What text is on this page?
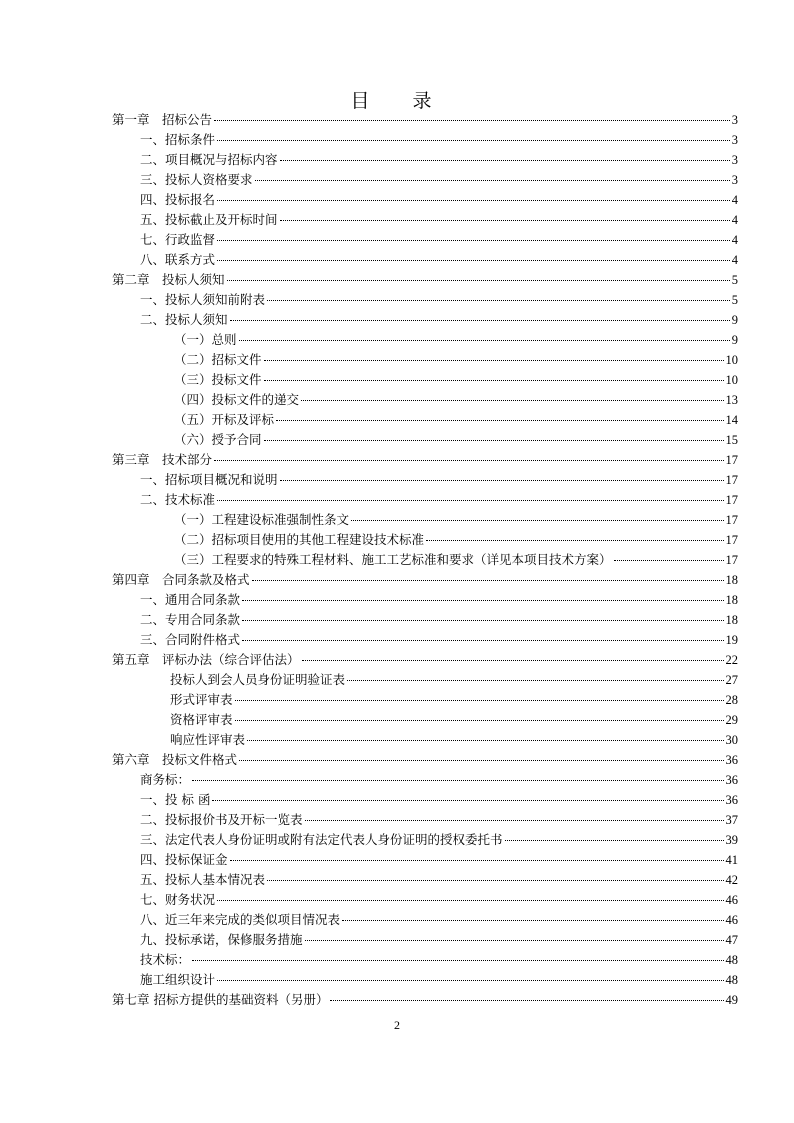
目　录
第一章　招标公告	3
一、招标条件	3
二、项目概况与招标内容	3
三、投标人资格要求	3
四、投标报名	4
五、投标截止及开标时间	4
七、行政监督	4
八、联系方式	4
第二章　投标人须知	5
一、投标人须知前附表	5
二、投标人须知	9
（一）总则	9
（二）招标文件	10
（三）投标文件	10
（四）投标文件的递交	13
（五）开标及评标	14
（六）授予合同	15
第三章　技术部分	17
一、招标项目概况和说明	17
二、技术标准	17
（一）工程建设标准强制性条文	17
（二）招标项目使用的其他工程建设技术标准	17
（三）工程要求的特殊工程材料、施工工艺标准和要求（详见本项目技术方案）	17
第四章　合同条款及格式	18
一、通用合同条款	18
二、专用合同条款	18
三、合同附件格式	19
第五章　评标办法（综合评估法）	22
投标人到会人员身份证明验证表	27
形式评审表	28
资格评审表	29
响应性评审表	30
第六章　投标文件格式	36
商务标：	36
一、投 标 函	36
二、投标报价书及开标一览表	37
三、法定代表人身份证明或附有法定代表人身份证明的授权委托书	39
四、投标保证金	41
五、投标人基本情况表	42
七、财务状况	46
八、近三年来完成的类似项目情况表	46
九、投标承诺，保修服务措施	47
技术标：	48
施工组织设计	48
第七章 招标方提供的基础资料（另册）	49
2
